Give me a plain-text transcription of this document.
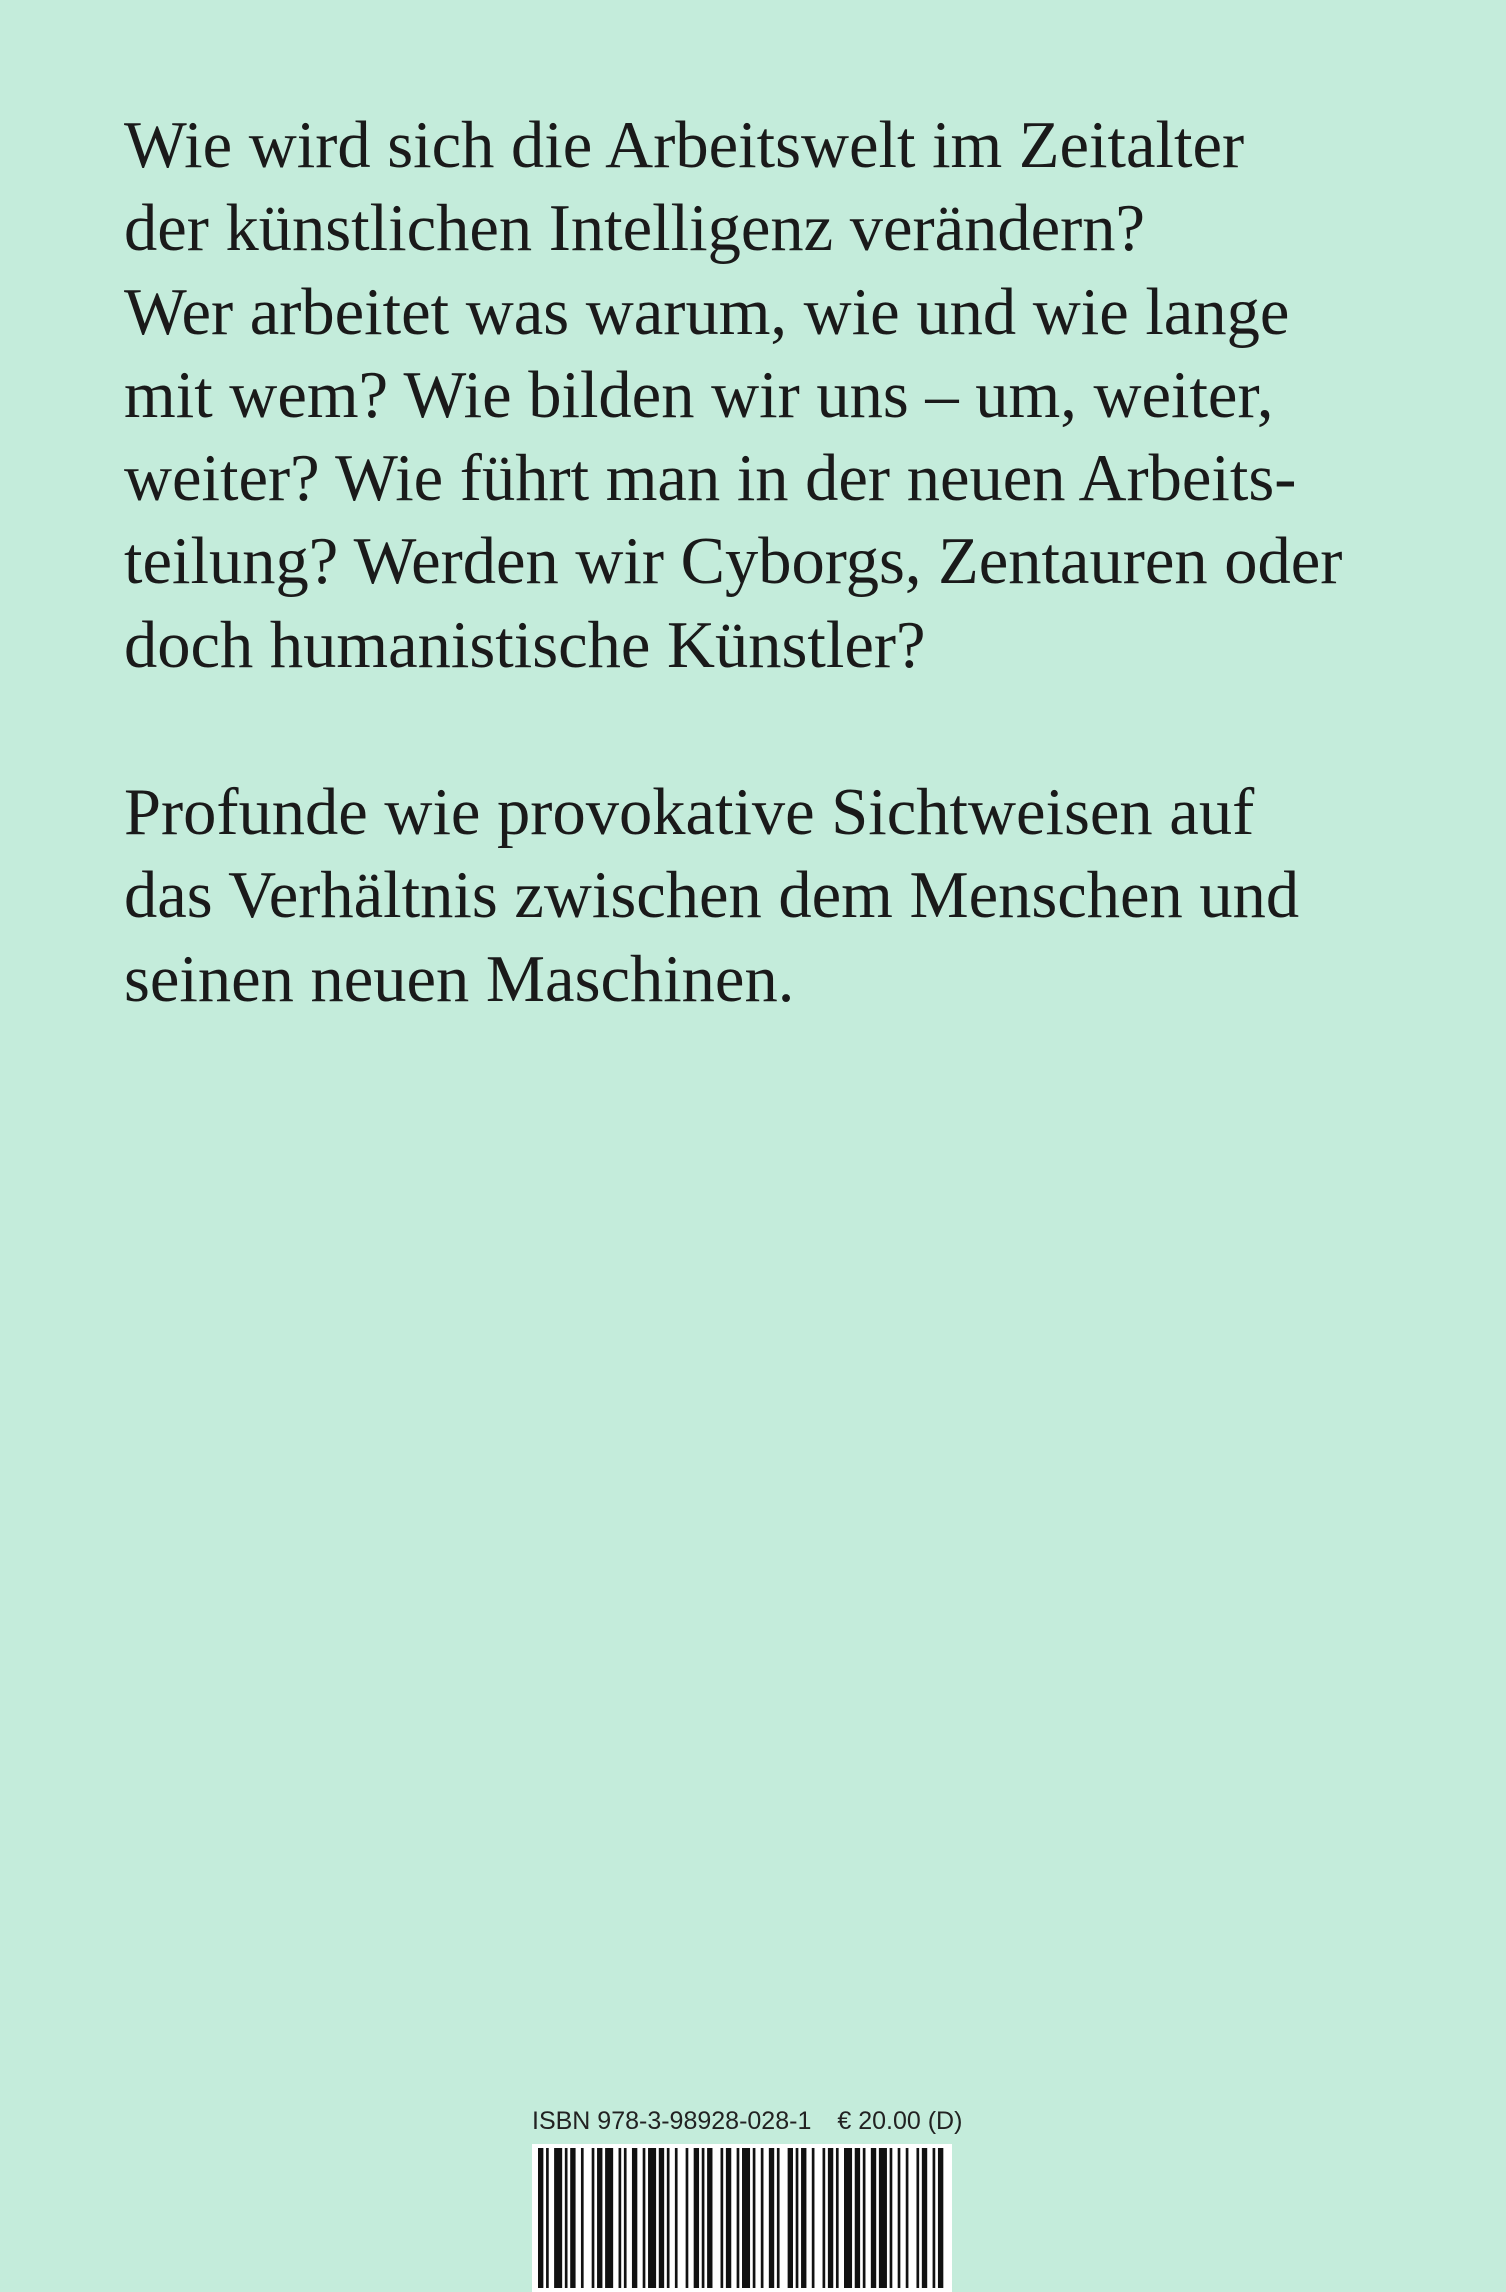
Wie wird sich die Arbeitswelt im Zeitalter
der künstlichen Intelligenz verändern?
Wer arbeitet was warum, wie und wie lange
mit wem? Wie bilden wir uns – um, weiter,
weiter? Wie führt man in der neuen Arbeits-
teilung? Werden wir Cyborgs, Zentauren oder
doch humanistische Künstler?
Profunde wie provokative Sichtweisen auf
das Verhältnis zwischen dem Menschen und
seinen neuen Maschinen.
ISBN 978-3-98928-028-1 € 20.00 (D)
